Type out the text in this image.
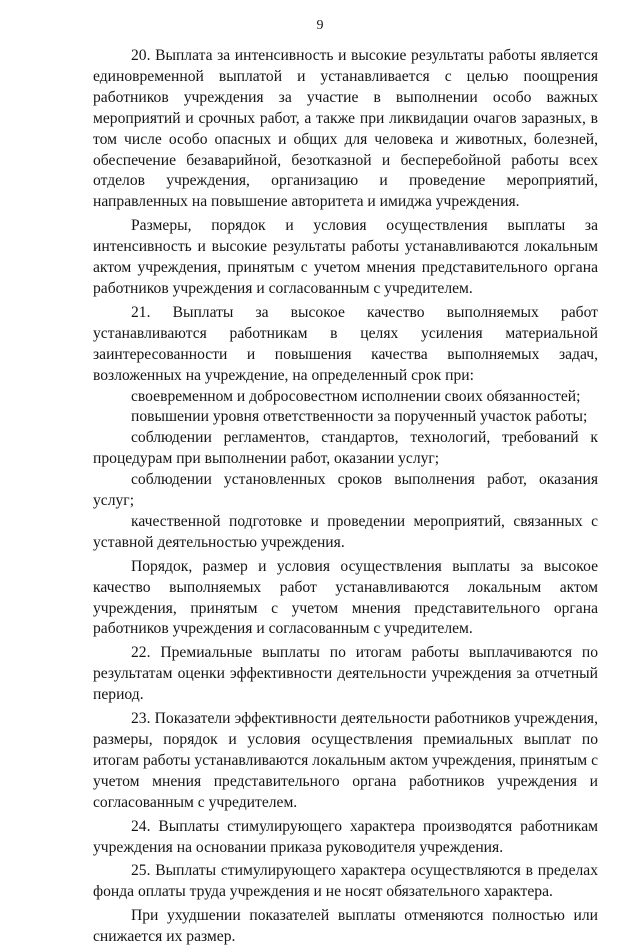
9

20. Выплата за интенсивность и высокие результаты работы является единовременной выплатой и устанавливается с целью поощрения работников учреждения за участие в выполнении особо важных мероприятий и срочных работ, а также при ликвидации очагов заразных, в том числе особо опасных и общих для человека и животных, болезней, обеспечение безаварийной, безотказной и бесперебойной работы всех отделов учреждения, организацию и проведение мероприятий, направленных на повышение авторитета и имиджа учреждения.

Размеры, порядок и условия осуществления выплаты за интенсивность и высокие результаты работы устанавливаются локальным актом учреждения, принятым с учетом мнения представительного органа работников учреждения и согласованным с учредителем.

21. Выплаты за высокое качество выполняемых работ устанавливаются работникам в целях усиления материальной заинтересованности и повышения качества выполняемых задач, возложенных на учреждение, на определенный срок при:

своевременном и добросовестном исполнении своих обязанностей;

повышении уровня ответственности за порученный участок работы;

соблюдении регламентов, стандартов, технологий, требований к процедурам при выполнении работ, оказании услуг;

соблюдении установленных сроков выполнения работ, оказания услуг;

качественной подготовке и проведении мероприятий, связанных с уставной деятельностью учреждения.

Порядок, размер и условия осуществления выплаты за высокое качество выполняемых работ устанавливаются локальным актом учреждения, принятым с учетом мнения представительного органа работников учреждения и согласованным с учредителем.

22. Премиальные выплаты по итогам работы выплачиваются по результатам оценки эффективности деятельности учреждения за отчетный период.

23. Показатели эффективности деятельности работников учреждения, размеры, порядок и условия осуществления премиальных выплат по итогам работы устанавливаются локальным актом учреждения, принятым с учетом мнения представительного органа работников учреждения и согласованным с учредителем.

24. Выплаты стимулирующего характера производятся работникам учреждения на основании приказа руководителя учреждения.

25. Выплаты стимулирующего характера осуществляются в пределах фонда оплаты труда учреждения и не носят обязательного характера.

При ухудшении показателей выплаты отменяются полностью или снижается их размер.
